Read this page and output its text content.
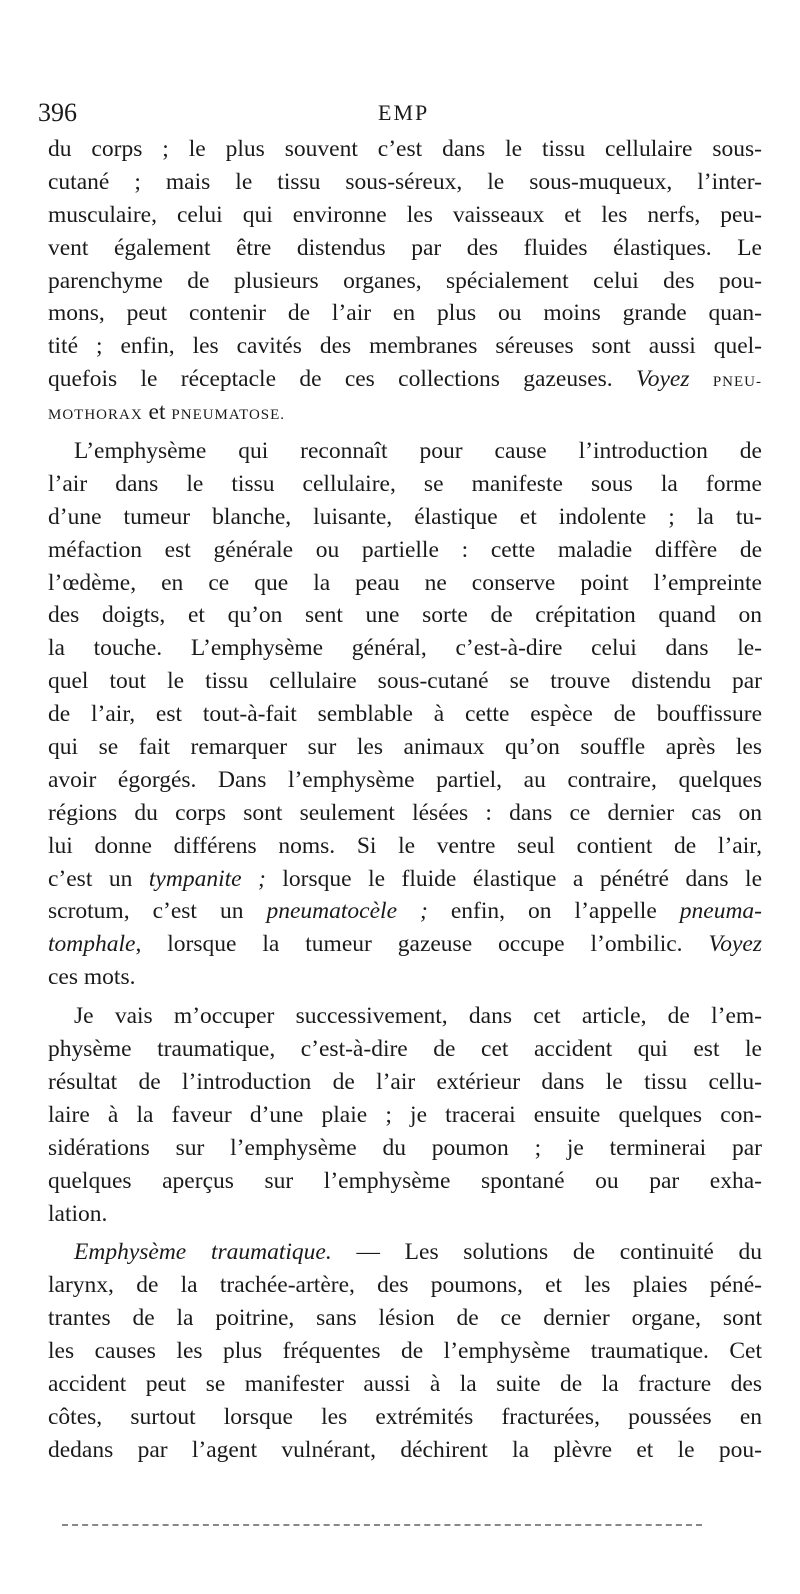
396	EMP
du corps ; le plus souvent c’est dans le tissu cellulaire sous-
cutané ; mais le tissu sous-séreux, le sous-muqueux, l’inter-
musculaire, celui qui environne les vaisseaux et les nerfs, peu-
vent également être distendus par des fluides élastiques. Le
parenchyme de plusieurs organes, spécialement celui des pou-
mons, peut contenir de l’air en plus ou moins grande quan-
tité ; enfin, les cavités des membranes séreuses sont aussi quel-
quefois le réceptacle de ces collections gazeuses. Voyez PNEU-
MOTHORAX et PNEUMATOSE.
L’emphysème qui reconnaît pour cause l’introduction de
l’air dans le tissu cellulaire, se manifeste sous la forme
d’une tumeur blanche, luisante, élastique et indolente ; la tu-
méfaction est générale ou partielle : cette maladie diffère de
l’œdème, en ce que la peau ne conserve point l’empreinte
des doigts, et qu’on sent une sorte de crépitation quand on
la touche. L’emphysème général, c’est-à-dire celui dans le-
quel tout le tissu cellulaire sous-cutané se trouve distendu par
de l’air, est tout-à-fait semblable à cette espèce de bouffissure
qui se fait remarquer sur les animaux qu’on souffle après les
avoir égorgés. Dans l’emphysème partiel, au contraire, quelques
régions du corps sont seulement lésées : dans ce dernier cas on
lui donne différens noms. Si le ventre seul contient de l’air,
c’est un tympanite ; lorsque le fluide élastique a pénétré dans le
scrotum, c’est un pneumatocèle ; enfin, on l’appelle pneuma-
tomphale, lorsque la tumeur gazeuse occupe l’ombilic. Voyez
ces mots.
Je vais m’occuper successivement, dans cet article, de l’em-
physème traumatique, c’est-à-dire de cet accident qui est le
résultat de l’introduction de l’air extérieur dans le tissu cellu-
laire à la faveur d’une plaie ; je tracerai ensuite quelques con-
sidérations sur l’emphysème du poumon ; je terminerai par
quelques aperçus sur l’emphysème spontané ou par exha-
lation.
Emphysème traumatique. — Les solutions de continuité du
larynx, de la trachée-artère, des poumons, et les plaies péné-
trantes de la poitrine, sans lésion de ce dernier organe, sont
les causes les plus fréquentes de l’emphysème traumatique. Cet
accident peut se manifester aussi à la suite de la fracture des
côtes, surtout lorsque les extrémités fracturées, poussées en
dedans par l’agent vulnérant, déchirent la plèvre et le pou-
